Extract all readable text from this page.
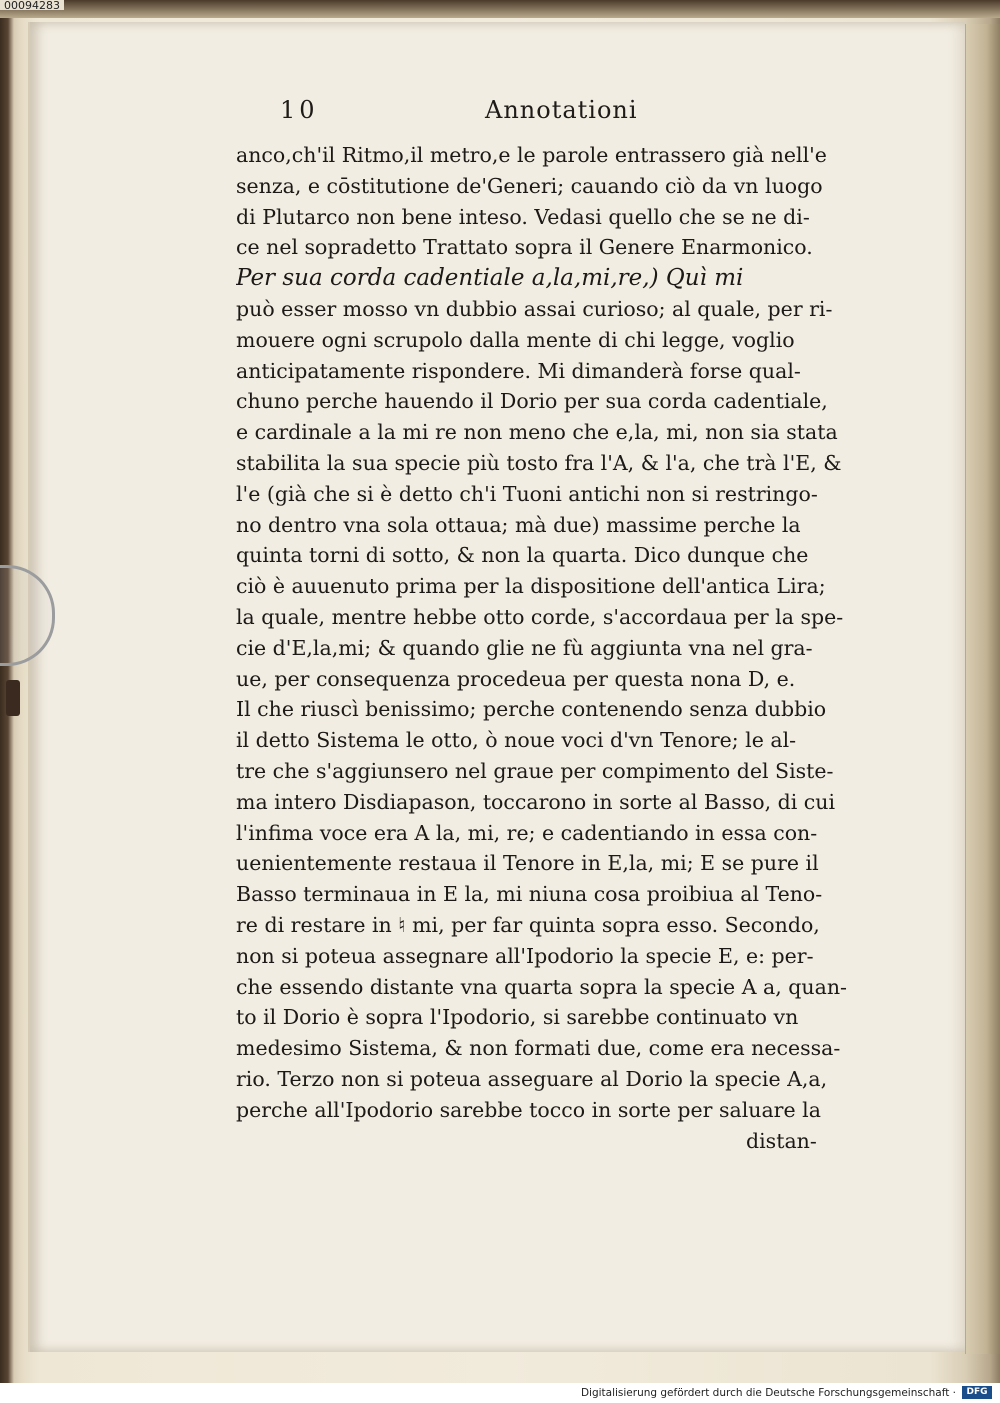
00094283
10	Annotationi
anco,ch'il Ritmo,il metro,e le parole entrassero già nell'e
senza, e cōstitutione de'Generi; cauando ciò da vn luogo
di Plutarco non bene inteso. Vedasi quello che se ne di-
ce nel sopradetto Trattato sopra il Genere Enarmonico.
Per sua corda cadentiale a,la,mi,re,) Quì mi
può esser mosso vn dubbio assai curioso; al quale, per ri-
mouere ogni scrupolo dalla mente di chi legge, voglio
anticipatamente rispondere. Mi dimanderà forse qual-
chuno perche hauendo il Dorio per sua corda cadentiale,
e cardinale a la mi re non meno che e,la, mi, non sia stata
stabilita la sua specie più tosto fra l'A, & l'a, che trà l'E, &
l'e (già che si è detto ch'i Tuoni antichi non si restringo-
no dentro vna sola ottaua; mà due) massime perche la
quinta torni di sotto, & non la quarta. Dico dunque che
ciò è auuenuto prima per la dispositione dell'antica Lira;
la quale, mentre hebbe otto corde, s'accordaua per la spe-
cie d'E,la,mi; & quando glie ne fù aggiunta vna nel gra-
ue, per consequenza procedeua per questa nona D, e.
Il che riuscì benissimo; perche contenendo senza dubbio
il detto Sistema le otto, ò noue voci d'vn Tenore; le al-
tre che s'aggiunsero nel graue per compimento del Siste-
ma intero Disdiapason, toccarono in sorte al Basso, di cui
l'infima voce era A la, mi, re; e cadentiando in essa con-
uenientemente restaua il Tenore in E,la, mi; E se pure il
Basso terminaua in E la, mi niuna cosa proibiua al Teno-
re di restare in ♮ mi, per far quinta sopra esso. Secondo,
non si poteua assegnare all'Ipodorio la specie E, e: per-
che essendo distante vna quarta sopra la specie A a, quan-
to il Dorio è sopra l'Ipodorio, si sarebbe continuato vn
medesimo Sistema, & non formati due, come era necessa-
rio. Terzo non si poteua asseguare al Dorio la specie A,a,
perche all'Ipodorio sarebbe tocco in sorte per saluare la
distan-
Digitalisierung gefördert durch die Deutsche Forschungsgemeinschaft ·	DFG
